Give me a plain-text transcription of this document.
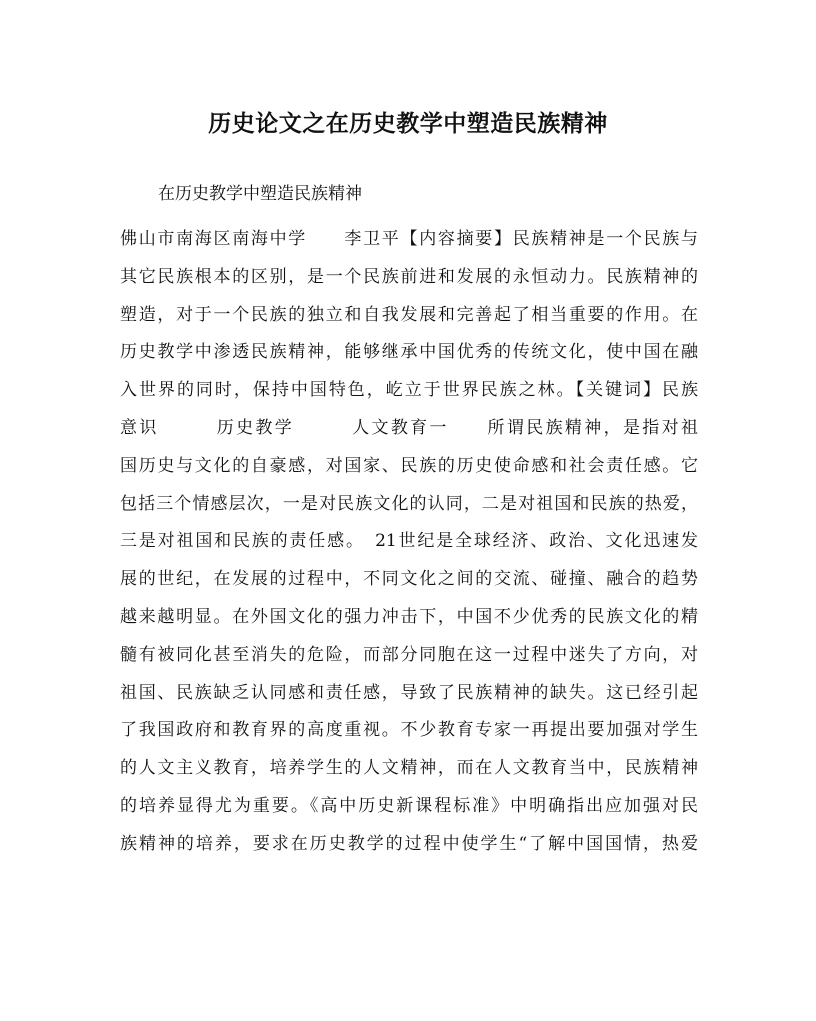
历史论文之在历史教学中塑造民族精神
在历史教学中塑造民族精神
佛山市南海区南海中学　　李卫平【内容摘要】民族精神是一个民族与
其它民族根本的区别，是一个民族前进和发展的永恒动力。民族精神的
塑造，对于一个民族的独立和自我发展和完善起了相当重要的作用。在
历史教学中渗透民族精神，能够继承中国优秀的传统文化，使中国在融
入世界的同时，保持中国特色，屹立于世界民族之林。【关键词】民族
意识　　　历史教学　　　人文教育一　　所谓民族精神，是指对祖
国历史与文化的自豪感，对国家、民族的历史使命感和社会责任感。它
包括三个情感层次，一是对民族文化的认同，二是对祖国和民族的热爱，
三是对祖国和民族的责任感。　21世纪是全球经济、政治、文化迅速发
展的世纪，在发展的过程中，不同文化之间的交流、碰撞、融合的趋势
越来越明显。在外国文化的强力冲击下，中国不少优秀的民族文化的精
髓有被同化甚至消失的危险，而部分同胞在这一过程中迷失了方向，对
祖国、民族缺乏认同感和责任感，导致了民族精神的缺失。这已经引起
了我国政府和教育界的高度重视。不少教育专家一再提出要加强对学生
的人文主义教育，培养学生的人文精神，而在人文教育当中，民族精神
的培养显得尤为重要。《高中历史新课程标准》中明确指出应加强对民
族精神的培养，要求在历史教学的过程中使学生“了解中国国情，热爱
